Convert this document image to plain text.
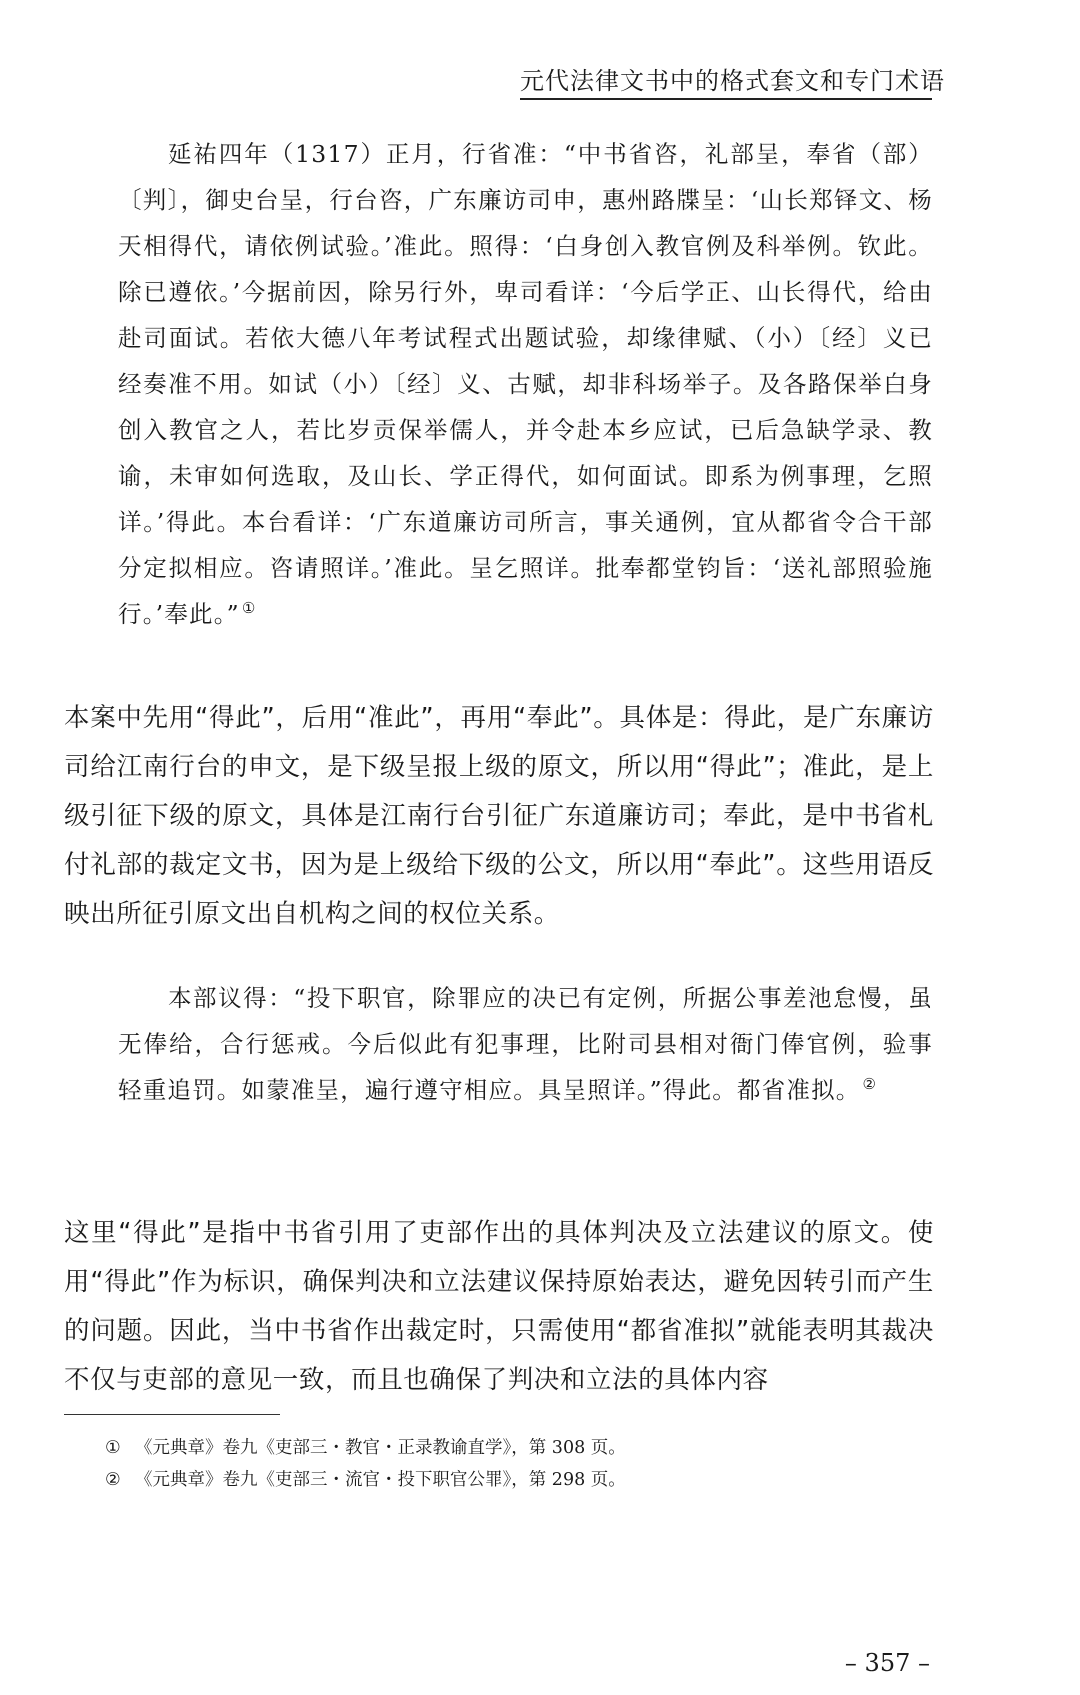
元代法律文书中的格式套文和专门术语

延祐四年（1317）正月，行省准：“中书省咨，礼部呈，奉省（部）〔判〕，御史台呈，行台咨，广东廉访司申，惠州路牒呈：‘山长郑铎文、杨天相得代，请依例试验。’准此。照得：‘白身创入教官例及科举例。钦此。除已遵依。’今据前因，除另行外，卑司看详：‘今后学正、山长得代，给由赴司面试。若依大德八年考试程式出题试验，却缘律赋、（小）〔经〕义已经奏准不用。如试（小）〔经〕义、古赋，却非科场举子。及各路保举白身创入教官之人，若比岁贡保举儒人，并令赴本乡应试，已后急缺学录、教谕，未审如何选取，及山长、学正得代，如何面试。即系为例事理，乞照详。’得此。本台看详：‘广东道廉访司所言，事关通例，宜从都省令合干部分定拟相应。咨请照详。’准此。呈乞照详。批奉都堂钧旨：‘送礼部照验施行。’奉此。” ①

本案中先用“得此”，后用“准此”，再用“奉此”。具体是：得此，是广东廉访司给江南行台的申文，是下级呈报上级的原文，所以用“得此”；准此，是上级引征下级的原文，具体是江南行台引征广东道廉访司；奉此，是中书省札付礼部的裁定文书，因为是上级给下级的公文，所以用“奉此”。这些用语反映出所征引原文出自机构之间的权位关系。

本部议得：“投下职官，除罪应的决已有定例，所据公事差池怠慢，虽无俸给，合行惩戒。今后似此有犯事理，比附司县相对衙门俸官例，验事轻重追罚。如蒙准呈，遍行遵守相应。具呈照详。”得此。都省准拟。 ②

这里“得此”是指中书省引用了吏部作出的具体判决及立法建议的原文。使用“得此”作为标识，确保判决和立法建议保持原始表达，避免因转引而产生的问题。因此，当中书省作出裁定时，只需使用“都省准拟”就能表明其裁决不仅与吏部的意见一致，而且也确保了判决和立法的具体内容

① 《元典章》卷九《吏部三・教官・正录教谕直学》，第 308 页。
② 《元典章》卷九《吏部三・流官・投下职官公罪》，第 298 页。
– 357 –
